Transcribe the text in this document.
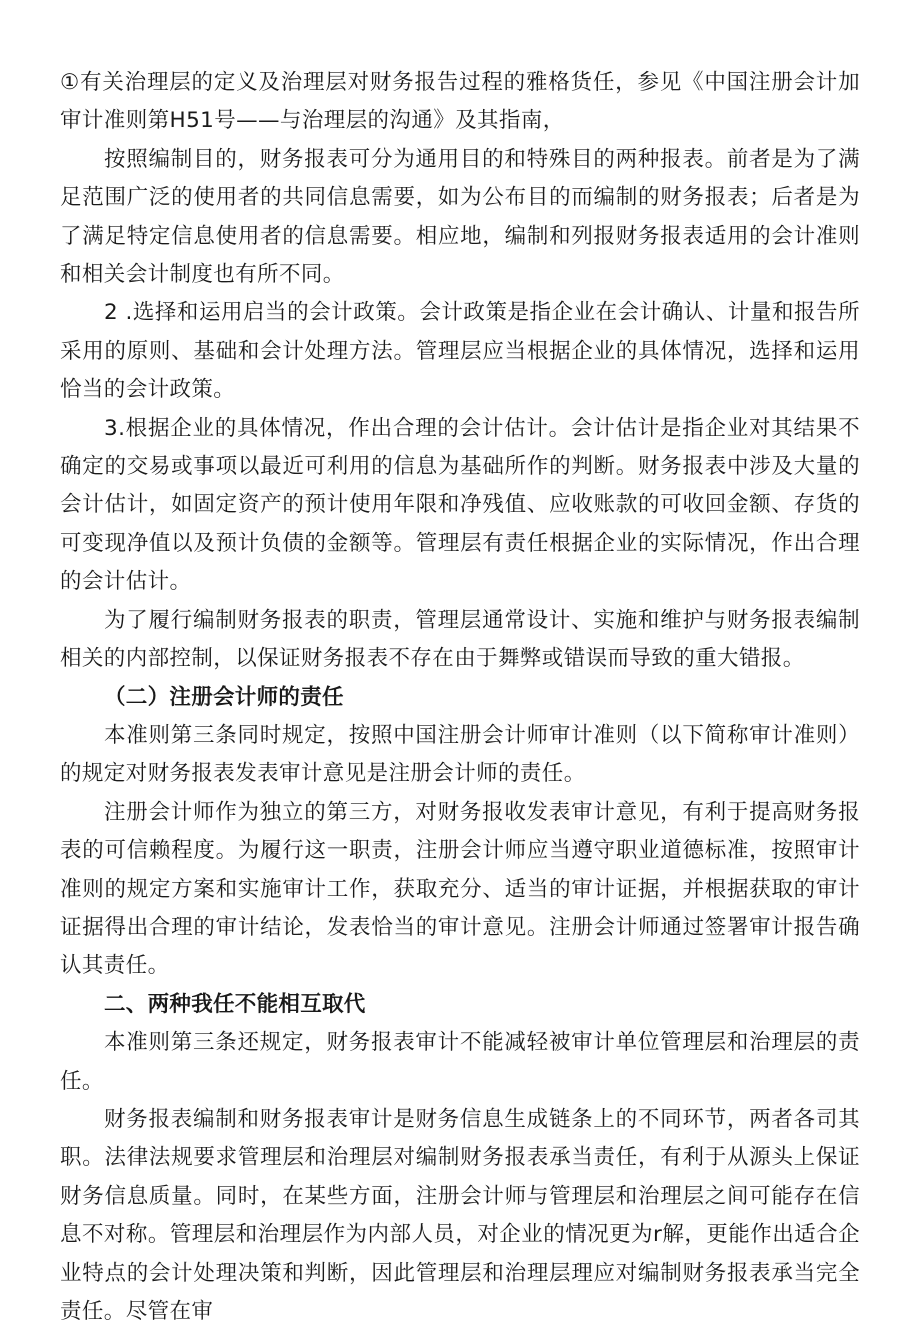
①有关治理层的定义及治理层对财务报告过程的雅格货任，参见《中国注册会计加审计准则第H51号——与治理层的沟通》及其指南，

按照编制目的，财务报表可分为通用目的和特殊目的两种报表。前者是为了满足范围广泛的使用者的共同信息需要，如为公布目的而编制的财务报表；后者是为了满足特定信息使用者的信息需要。相应地，编制和列报财务报表适用的会计准则和相关会计制度也有所不同。

2 .选择和运用启当的会计政策。会计政策是指企业在会计确认、计量和报告所采用的原则、基础和会计处理方法。管理层应当根据企业的具体情况，选择和运用恰当的会计政策。

3.根据企业的具体情况，作出合理的会计估计。会计估计是指企业对其结果不确定的交易或事项以最近可利用的信息为基础所作的判断。财务报表中涉及大量的会计估计，如固定资产的预计使用年限和净残值、应收账款的可收回金额、存货的可变现净值以及预计负债的金额等。管理层有责任根据企业的实际情况，作出合理的会计估计。

为了履行编制财务报表的职责，管理层通常设计、实施和维护与财务报表编制相关的内部控制，以保证财务报表不存在由于舞弊或错误而导致的重大错报。

（二）注册会计师的责任

本准则第三条同时规定，按照中国注册会计师审计准则（以下简称审计准则）的规定对财务报表发表审计意见是注册会计师的责任。

注册会计师作为独立的第三方，对财务报收发表审计意见，有利于提高财务报表的可信赖程度。为履行这一职责，注册会计师应当遵守职业道德标准，按照审计准则的规定方案和实施审计工作，获取充分、适当的审计证据，并根据获取的审计证据得出合理的审计结论，发表恰当的审计意见。注册会计师通过签署审计报告确认其责任。

二、两种我任不能相互取代

本准则第三条还规定，财务报表审计不能减轻被审计单位管理层和治理层的责任。

财务报表编制和财务报表审计是财务信息生成链条上的不同环节，两者各司其职。法律法规要求管理层和治理层对编制财务报表承当责任，有利于从源头上保证财务信息质量。同时，在某些方面，注册会计师与管理层和治理层之间可能存在信息不对称。管理层和治理层作为内部人员，对企业的情况更为r解，更能作出适合企业特点的会计处理决策和判断，因此管理层和治理层理应对编制财务报表承当完全责任。尽管在审
